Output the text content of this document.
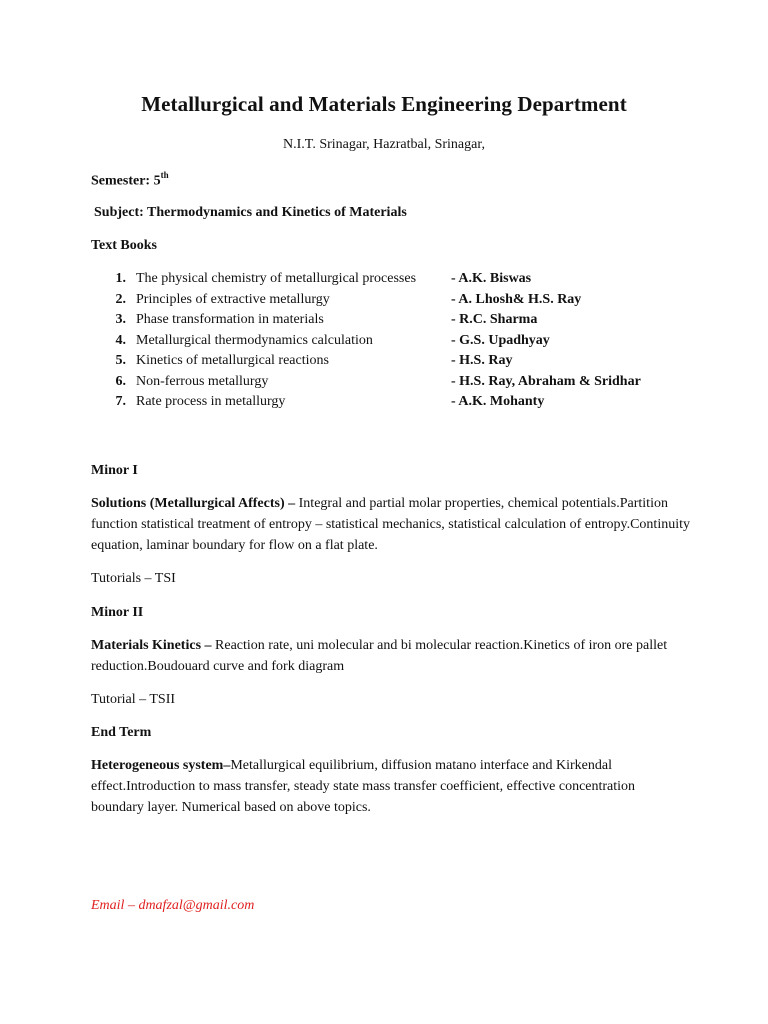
Metallurgical and Materials Engineering Department
N.I.T. Srinagar, Hazratbal, Srinagar,
Semester: 5th
Subject: Thermodynamics and Kinetics of Materials
Text Books
1. The physical chemistry of metallurgical processes - A.K. Biswas
2. Principles of extractive metallurgy	- A. Lhosh& H.S. Ray
3. Phase transformation in materials	- R.C. Sharma
4. Metallurgical thermodynamics calculation	- G.S. Upadhyay
5. Kinetics of metallurgical reactions	- H.S. Ray
6. Non-ferrous metallurgy	- H.S. Ray, Abraham & Sridhar
7. Rate process in metallurgy	- A.K. Mohanty
Minor I
Solutions (Metallurgical Affects) – Integral and partial molar properties, chemical potentials.Partition function statistical treatment of entropy – statistical mechanics, statistical calculation of entropy.Continuity equation, laminar boundary for flow on a flat plate.
Tutorials – TSI
Minor II
Materials Kinetics – Reaction rate, uni molecular and bi molecular reaction.Kinetics of iron ore pallet reduction.Boudouard curve and fork diagram
Tutorial – TSII
End Term
Heterogeneous system–Metallurgical equilibrium, diffusion matano interface and Kirkendal effect.Introduction to mass transfer, steady state mass transfer coefficient, effective concentration boundary layer. Numerical based on above topics.
Email – dmafzal@gmail.com
